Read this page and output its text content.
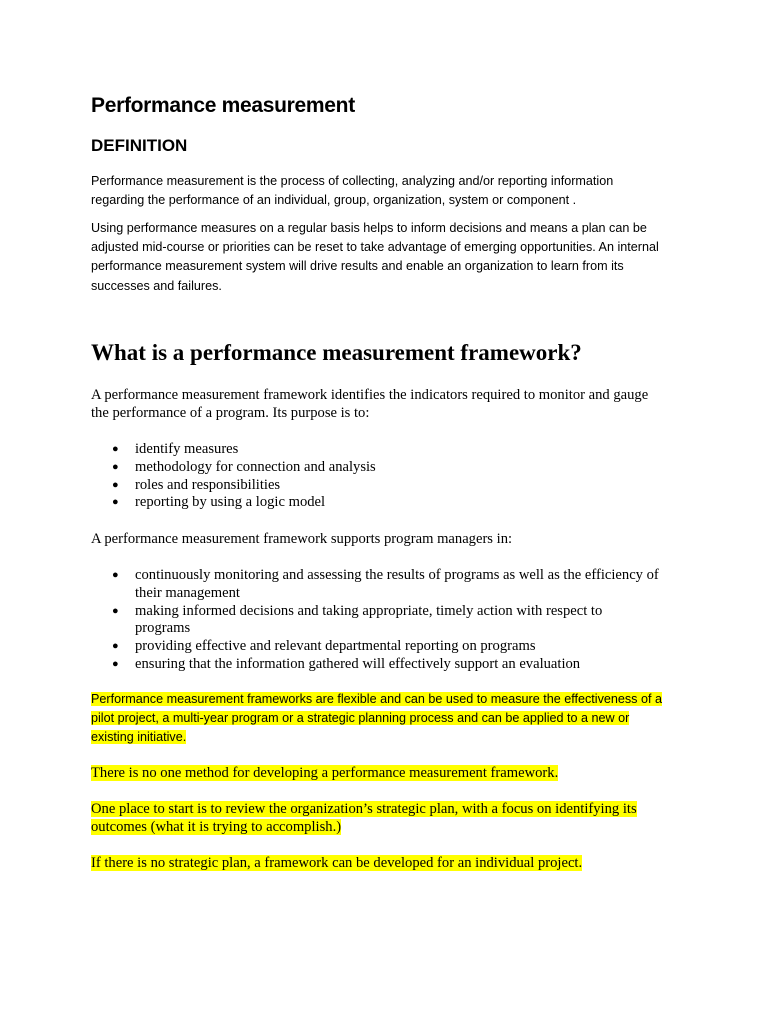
Performance measurement
DEFINITION

Performance measurement is the process of collecting, analyzing and/or reporting information
regarding the performance of an individual, group, organization, system or component .

Using performance measures on a regular basis helps to inform decisions and means a plan can be
adjusted mid-course or priorities can be reset to take advantage of emerging opportunities. An internal
performance measurement system will drive results and enable an organization to learn from its
successes and failures.

What is a performance measurement framework?

A performance measurement framework identifies the indicators required to monitor and gauge
the performance of a program. Its purpose is to:

● identify measures
● methodology for connection and analysis
● roles and responsibilities
● reporting by using a logic model

A performance measurement framework supports program managers in:

● continuously monitoring and assessing the results of programs as well as the efficiency of
their management
● making informed decisions and taking appropriate, timely action with respect to
programs
● providing effective and relevant departmental reporting on programs
● ensuring that the information gathered will effectively support an evaluation

Performance measurement frameworks are flexible and can be used to measure the effectiveness of a
pilot project, a multi-year program or a strategic planning process and can be applied to a new or
existing initiative.

There is no one method for developing a performance measurement framework.

One place to start is to review the organization’s strategic plan, with a focus on identifying its
outcomes (what it is trying to accomplish.)

If there is no strategic plan, a framework can be developed for an individual project.
